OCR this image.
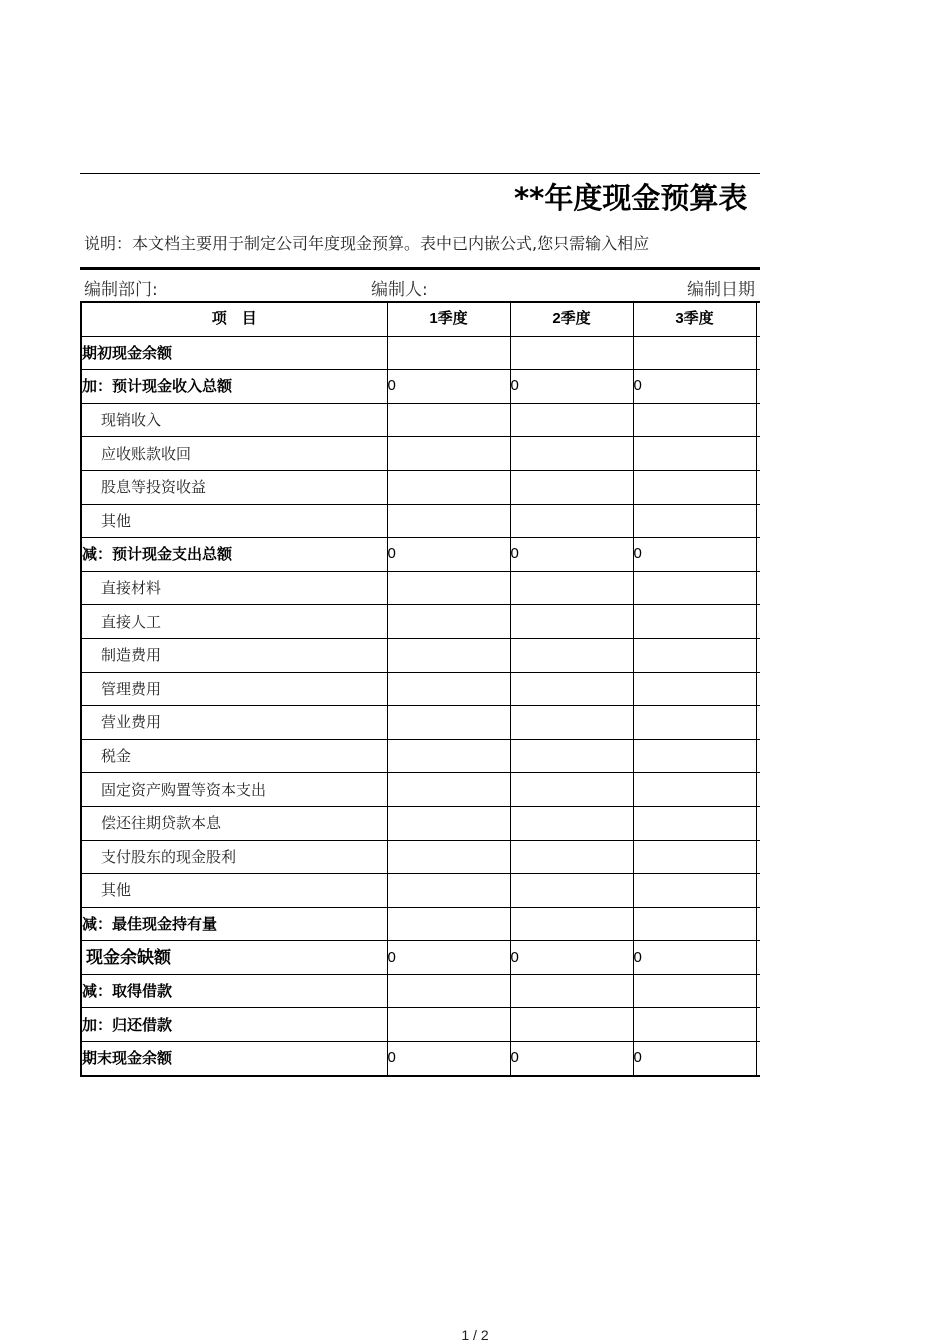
**年度现金预算表
说明：本文档主要用于制定公司年度现金预算。表中已内嵌公式,您只需输入相应
编制部门:	编制人:	编制日期
项　目	1季度	2季度	3季度	
期初现金余额				
加：预计现金收入总额	0	0	0	
现销收入				
应收账款收回				
股息等投资收益				
其他				
减：预计现金支出总额	0	0	0	
直接材料				
直接人工				
制造费用				
管理费用				
营业费用				
税金				
固定资产购置等资本支出				
偿还往期贷款本息				
支付股东的现金股利				
其他				
减：最佳现金持有量				
现金余缺额	0	0	0	
减：取得借款				
加：归还借款				
期末现金余额	0	0	0	
1 / 2
